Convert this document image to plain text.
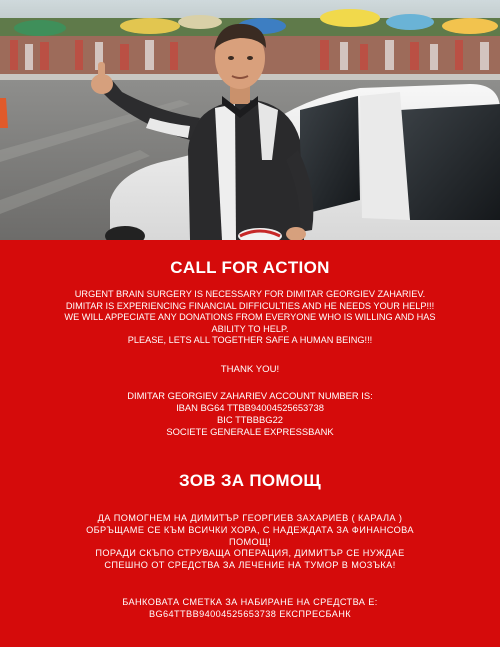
CALL FOR ACTION

URGENT BRAIN SURGERY IS NECESSARY FOR DIMITAR GEORGIEV ZAHARIEV.

DIMITAR IS EXPERIENCING FINANCIAL DIFFICULTIES AND HE NEEDS YOUR HELP!!!

WE WILL APPECIATE ANY DONATIONS FROM EVERYONE WHO IS WILLING AND HAS

ABILITY TO HELP.

PLEASE, LETS ALL TOGETHER SAFE A HUMAN BEING!!!

THANK YOU!

DIMITAR GEORGIEV ZAHARIEV ACCOUNT NUMBER IS:

IBAN BG64 TTBB94004525653738

BIC TTBBBG22

SOCIETE GENERALE EXPRESSBANK

ЗОВ ЗА ПОМОЩ

ДА ПОМОГНЕМ НА ДИМИТЪР ГЕОРГИЕВ ЗАХАРИЕВ ( КАРАЛА )

ОБРЪЩАМЕ СЕ КЪМ ВСИЧКИ ХОРА, С НАДЕЖДАТА ЗА ФИНАНСОВА

ПОМОЩ!

ПОРАДИ СКЪПО СТРУВАЩА ОПЕРАЦИЯ, ДИМИТЪР СЕ НУЖДАЕ

СПЕШНО ОТ СРЕДСТВА ЗА ЛЕЧЕНИЕ НА ТУМОР В МОЗЪКА!

БАНКОВАТА СМЕТКА ЗА НАБИРАНЕ НА СРЕДСТВА Е:

BG64TTBB94004525653738 ЕКСПРЕСБАНК
